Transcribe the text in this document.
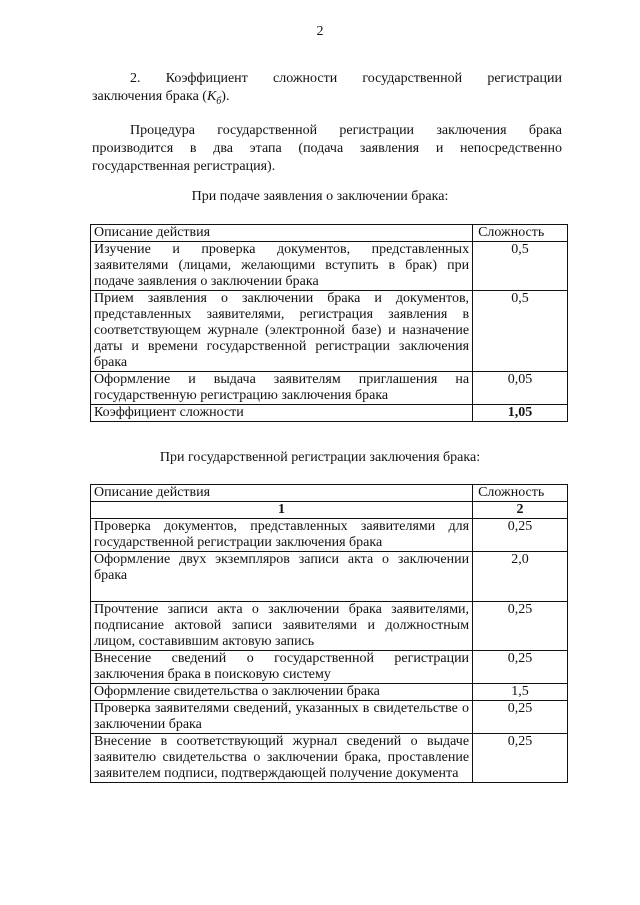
2
2. Коэффициент сложности государственной регистрации
заключения брака $(К_б)$.
Процедура государственной регистрации заключения брака производится в два этапа (подача заявления и непосредственно государственная регистрация).
При подаче заявления о заключении брака:
Описание действия	Сложность
Изучение и проверка документов, представленных заявителями (лицами, желающими вступить в брак) при подаче заявления о заключении брака	0,5
Прием заявления о заключении брака и документов, представленных заявителями, регистрация заявления в соответствующем журнале (электронной базе) и назначение даты и времени государственной регистрации заключения брака	0,5
Оформление и выдача заявителям приглашения на государственную регистрацию заключения брака	0,05
Коэффициент сложности	1,05
При государственной регистрации заключения брака:
Описание действия	Сложность
1	2
Проверка документов, представленных заявителями для государственной регистрации заключения брака	0,25
Оформление двух экземпляров записи акта о заключении брака	2,0
Прочтение записи акта о заключении брака заявителями, подписание актовой записи заявителями и должностным лицом, составившим актовую запись	0,25
Внесение сведений о государственной регистрации заключения брака в поисковую систему	0,25
Оформление свидетельства о заключении брака	1,5
Проверка заявителями сведений, указанных в свидетельстве о заключении брака	0,25
Внесение в соответствующий журнал сведений о выдаче заявителю свидетельства о заключении брака, проставление заявителем подписи, подтверждающей получение документа	0,25
